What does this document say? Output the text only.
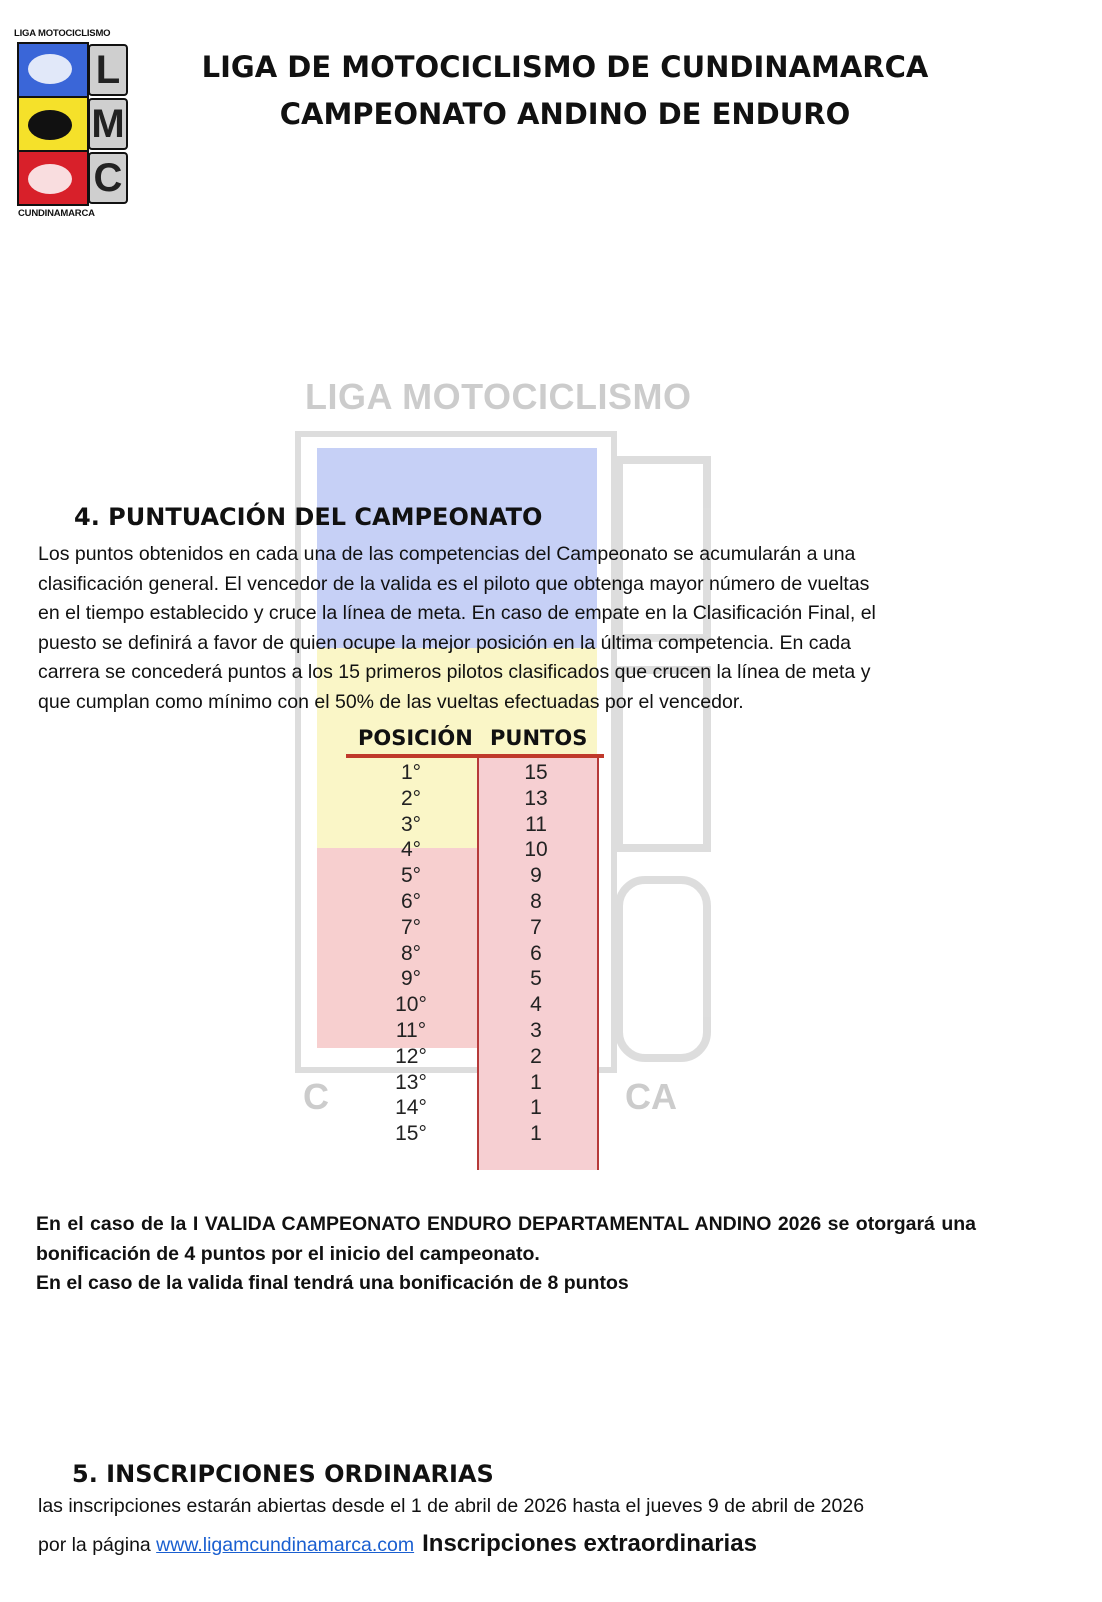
LIGA MOTOCICLISMO
L
M
C
CUNDINAMARCA
LIGA DE MOTOCICLISMO DE CUNDINAMARCA
CAMPEONATO ANDINO DE ENDURO
LIGA MOTOCICLISMO
C	CA
4. PUNTUACIÓN DEL CAMPEONATO
Los puntos obtenidos en cada una de las competencias del Campeonato se acumularán a una
clasificación general. El vencedor de la valida es el piloto que obtenga mayor número de vueltas
en el tiempo establecido y cruce la línea de meta. En caso de empate en la Clasificación Final, el
puesto se definirá a favor de quien ocupe la mejor posición en la última competencia. En cada
carrera se concederá puntos a los 15 primeros pilotos clasificados que crucen la línea de meta y
que cumplan como mínimo con el 50% de las vueltas efectuadas por el vencedor.
POSICIÓN PUNTOS
1°	15
2°	13
3°	11
4°	10
5°	9
6°	8
7°	7
8°	6
9°	5
10°	4
11°	3
12°	2
13°	1
14°	1
15°	1
En el caso de la I VALIDA CAMPEONATO ENDURO DEPARTAMENTAL ANDINO 2026 se otorgará una
bonificación de 4 puntos por el inicio del campeonato.
En el caso de la valida final tendrá una bonificación de 8 puntos
5. INSCRIPCIONES ORDINARIAS
las inscripciones estarán abiertas desde el 1 de abril de 2026 hasta el jueves 9 de abril de 2026
por la página www.ligamcundinamarca.com Inscripciones extraordinarias
